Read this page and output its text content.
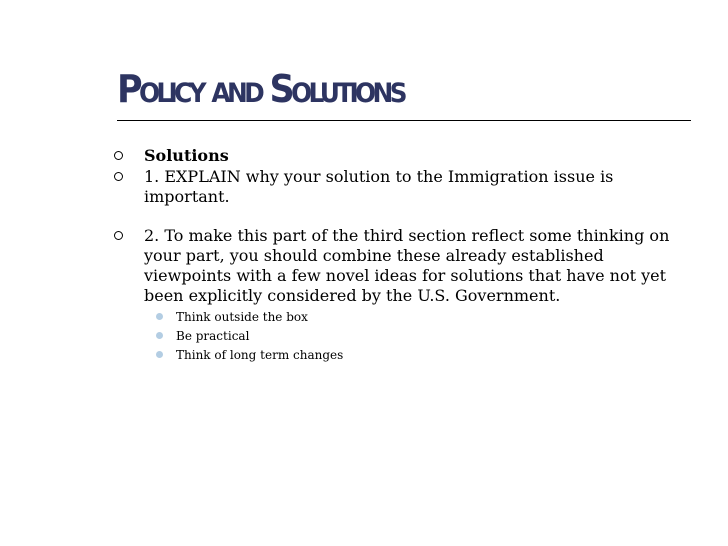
Policy and Solutions
Solutions
1. EXPLAIN why your solution to the Immigration issue is important.
2. To make this part of the third section reflect some thinking on your part, you should combine these already established viewpoints with a few novel ideas for solutions that have not yet been explicitly considered by the U.S. Government.
Think outside the box
Be practical
Think of long term changes
